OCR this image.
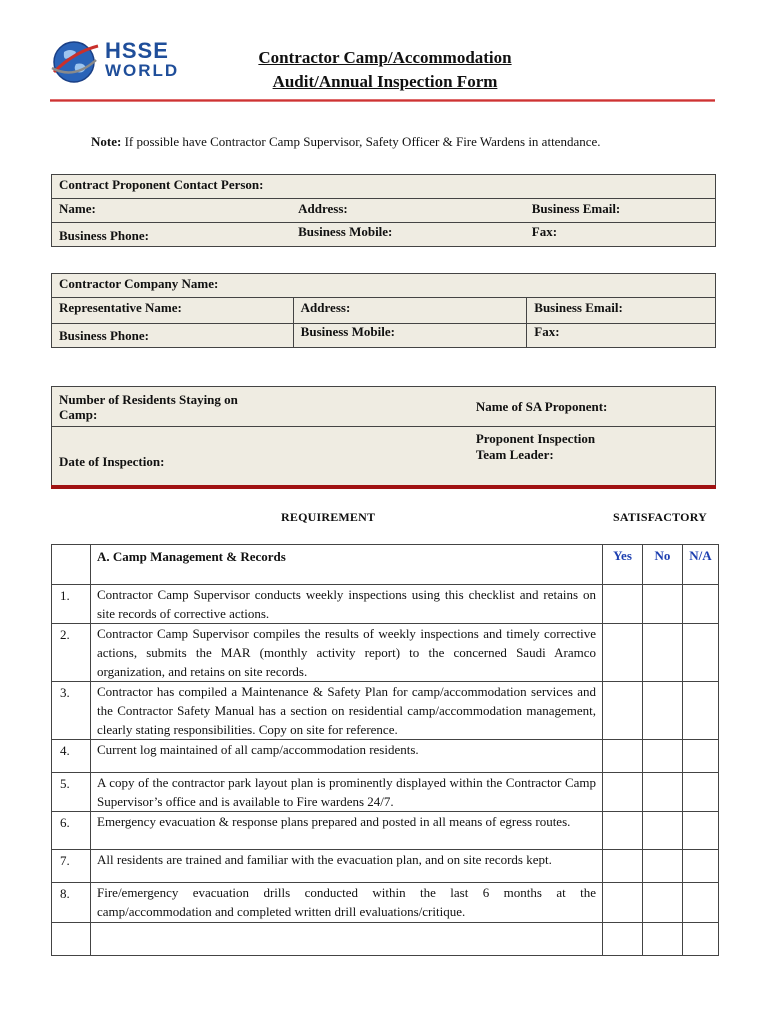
HSSE
WORLD
Contractor Camp/Accommodation
Audit/Annual Inspection Form
Note: If possible have Contractor Camp Supervisor, Safety Officer & Fire Wardens in attendance.
Contract Proponent Contact Person:		
Name:	Address:	Business Email:
Business Phone:	Business Mobile:	Fax:
Contractor Company Name:		
Representative Name:	Address:	Business Email:
Business Phone:	Business Mobile:	Fax:
Number of Residents Staying on Camp:	Name of SA Proponent:
Date of Inspection:	Proponent Inspection Team Leader:
REQUIREMENT	SATISFACTORY
	A. Camp Management & Records	Yes	No	N/A
1.	Contractor Camp Supervisor conducts weekly inspections using this checklist and retains on site records of corrective actions.			
2.	Contractor Camp Supervisor compiles the results of weekly inspections and timely corrective actions, submits the MAR (monthly activity report) to the concerned Saudi Aramco organization, and retains on site records.			
3.	Contractor has compiled a Maintenance & Safety Plan for camp/accommodation services and the Contractor Safety Manual has a section on residential camp/accommodation management, clearly stating responsibilities. Copy on site for reference.			
4.	Current log maintained of all camp/accommodation residents.			
5.	A copy of the contractor park layout plan is prominently displayed within the Contractor Camp Supervisor’s office and is available to Fire wardens 24/7.			
6.	Emergency evacuation & response plans prepared and posted in all means of egress routes.			
7.	All residents are trained and familiar with the evacuation plan, and on site records kept.			
8.	Fire/emergency evacuation drills conducted within the last 6 months at the camp/accommodation and completed written drill evaluations/critique.			
